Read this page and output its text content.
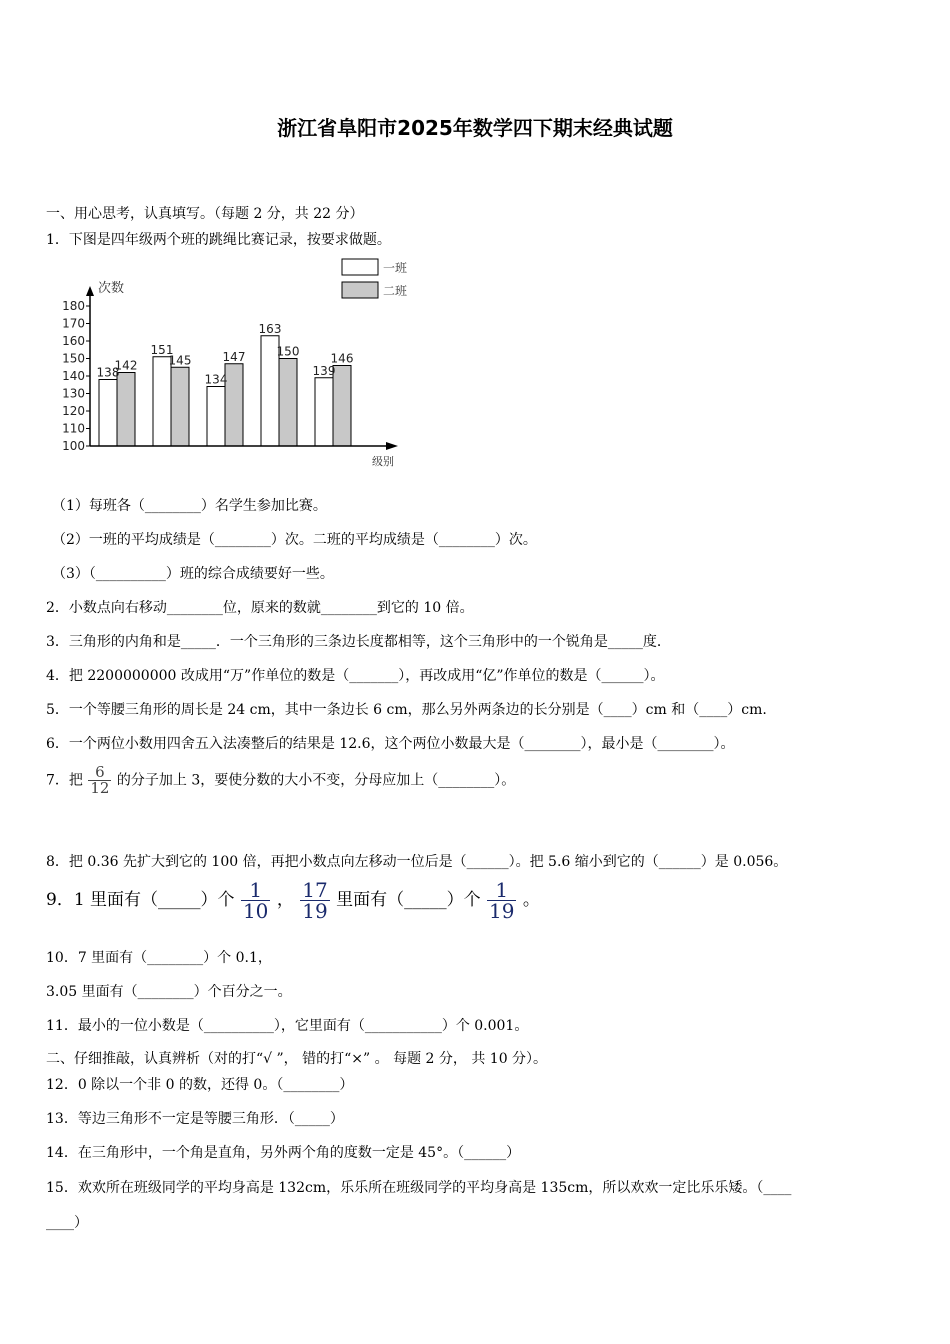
浙江省阜阳市2025年数学四下期末经典试题
一、用心思考，认真填写。（每题 2 分，共 22 分）
1．下图是四年级两个班的跳绳比赛记录，按要求做题。
一班
二班
次数
级别
180
170
160
150
140
130
120
110
100
138
142
151
145
134
147
163
150
139
146
（1）每班各（________）名学生参加比赛。
（2）一班的平均成绩是（________）次。二班的平均成绩是（________）次。
（3）（__________）班的综合成绩要好一些。
2．小数点向右移动________位，原来的数就________到它的 10 倍。
3．三角形的内角和是_____．一个三角形的三条边长度都相等，这个三角形中的一个锐角是_____度．
4．把 2200000000 改成用“万”作单位的数是（_______），再改成用“亿”作单位的数是（______）。
5．一个等腰三角形的周长是 24 cm，其中一条边长 6 cm，那么另外两条边的长分别是（____）cm 和（____）cm.
6．一个两位小数用四舍五入法凑整后的结果是 12.6，这个两位小数最大是（________），最小是（________）。
7．把 $\frac{6}{12}$ 的分子加上 3，要使分数的大小不变，分母应加上（________）。
8．把 0.36 先扩大到它的 100 倍，再把小数点向左移动一位后是（______）。把 5.6 缩小到它的（______）是 0.056。
9．1 里面有（_____）个 $\frac{1}{10}$ ， $\frac{17}{19}$ 里面有（_____）个 $\frac{1}{19}$ 。
10．7 里面有（________）个 0.1，
3.05 里面有（________）个百分之一。
11．最小的一位小数是（__________），它里面有（___________）个 0.001。
二、仔细推敲，认真辨析（对的打“√ ”， 错的打“×” 。 每题 2 分， 共 10 分）。
12．0 除以一个非 0 的数，还得 0。（________）
13．等边三角形不一定是等腰三角形．（_____）
14．在三角形中，一个角是直角，另外两个角的度数一定是 45°。（______）
15．欢欢所在班级同学的平均身高是 132cm，乐乐所在班级同学的平均身高是 135cm，所以欢欢一定比乐乐矮。（____
____）
